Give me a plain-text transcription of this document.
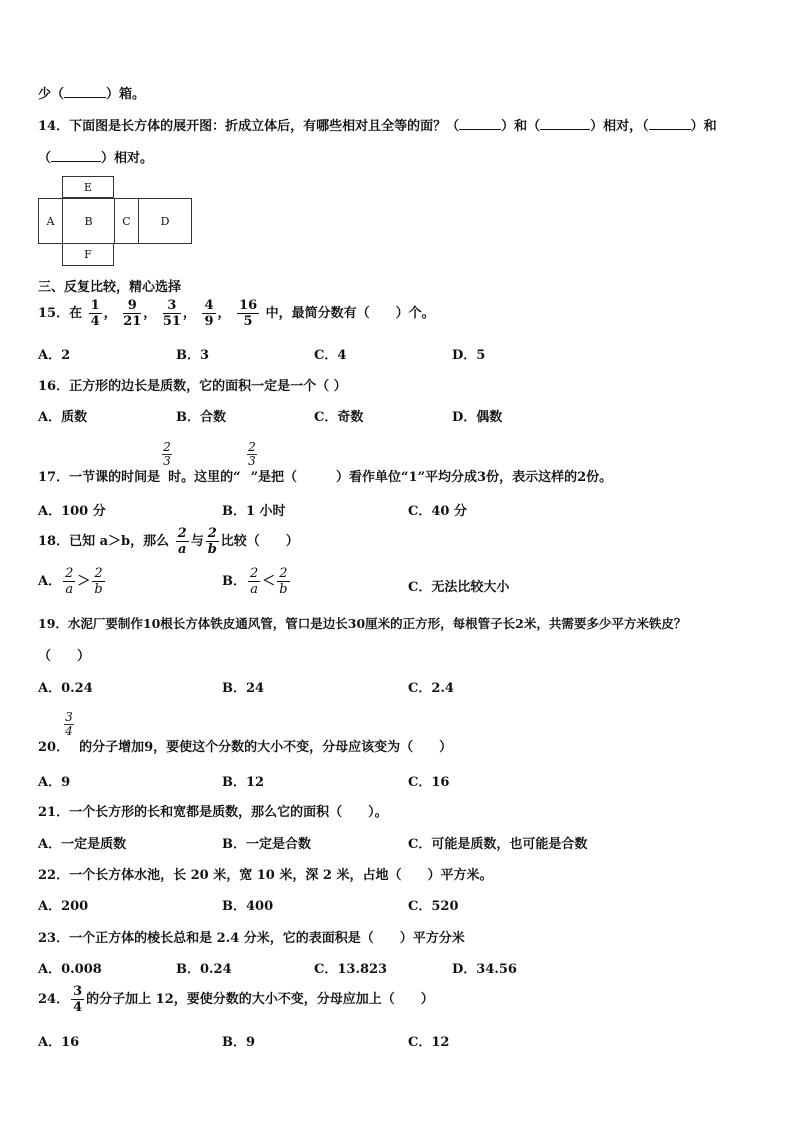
少（	）箱。
14．下面图是长方体的展开图：折成立体后，有哪些相对且全等的面？（	）和（	）相对，（	）和
（	）相对。
E
A	B	C	D
F
三、反复比较，精心选择
15．在 $\frac{1}{4}$ ， $\frac{9}{21}$ ， $\frac{3}{51}$ ， $\frac{4}{9}$ ， $\frac{16}{5}$ 中，最简分数有（　　）个。
A．2	B．3	C．4	D．5
16．正方形的边长是质数，它的面积一定是一个（ ）
A．质数	B．合数	C．奇数	D．偶数
$\frac{2}{3}$	$\frac{2}{3}$
17．一节课的时间是 时。这里的“ ”是把（　　　）看作单位“1”平均分成3份，表示这样的2份。
A．100 分	B．1 小时	C．40 分
18．已知 a＞b，那么 $\frac{2}{a}$ 与 $\frac{2}{b}$ 比较（　　）
A． $\frac{2}{a} > \frac{2}{b}$	B． $\frac{2}{a} < \frac{2}{b}$	C．无法比较大小
19．水泥厂要制作10根长方体铁皮通风管，管口是边长30厘米的正方形，每根管子长2米，共需要多少平方米铁皮？
（　　）
A．0.24	B．24	C．2.4
$\frac{3}{4}$
20． 的分子增加9，要使这个分数的大小不变，分母应该变为（　　）
A．9	B．12	C．16
21．一个长方形的长和宽都是质数，那么它的面积（　　）。
A．一定是质数	B．一定是合数	C．可能是质数，也可能是合数
22．一个长方体水池，长 20 米，宽 10 米，深 2 米，占地（　　）平方米。
A．200	B．400	C．520
23．一个正方体的棱长总和是 2.4 分米，它的表面积是（　　）平方分米
A．0.008	B．0.24	C．13.823	D．34.56
24． $\frac{3}{4}$ 的分子加上 12，要使分数的大小不变，分母应加上（　　）
A．16	B．9	C．12
